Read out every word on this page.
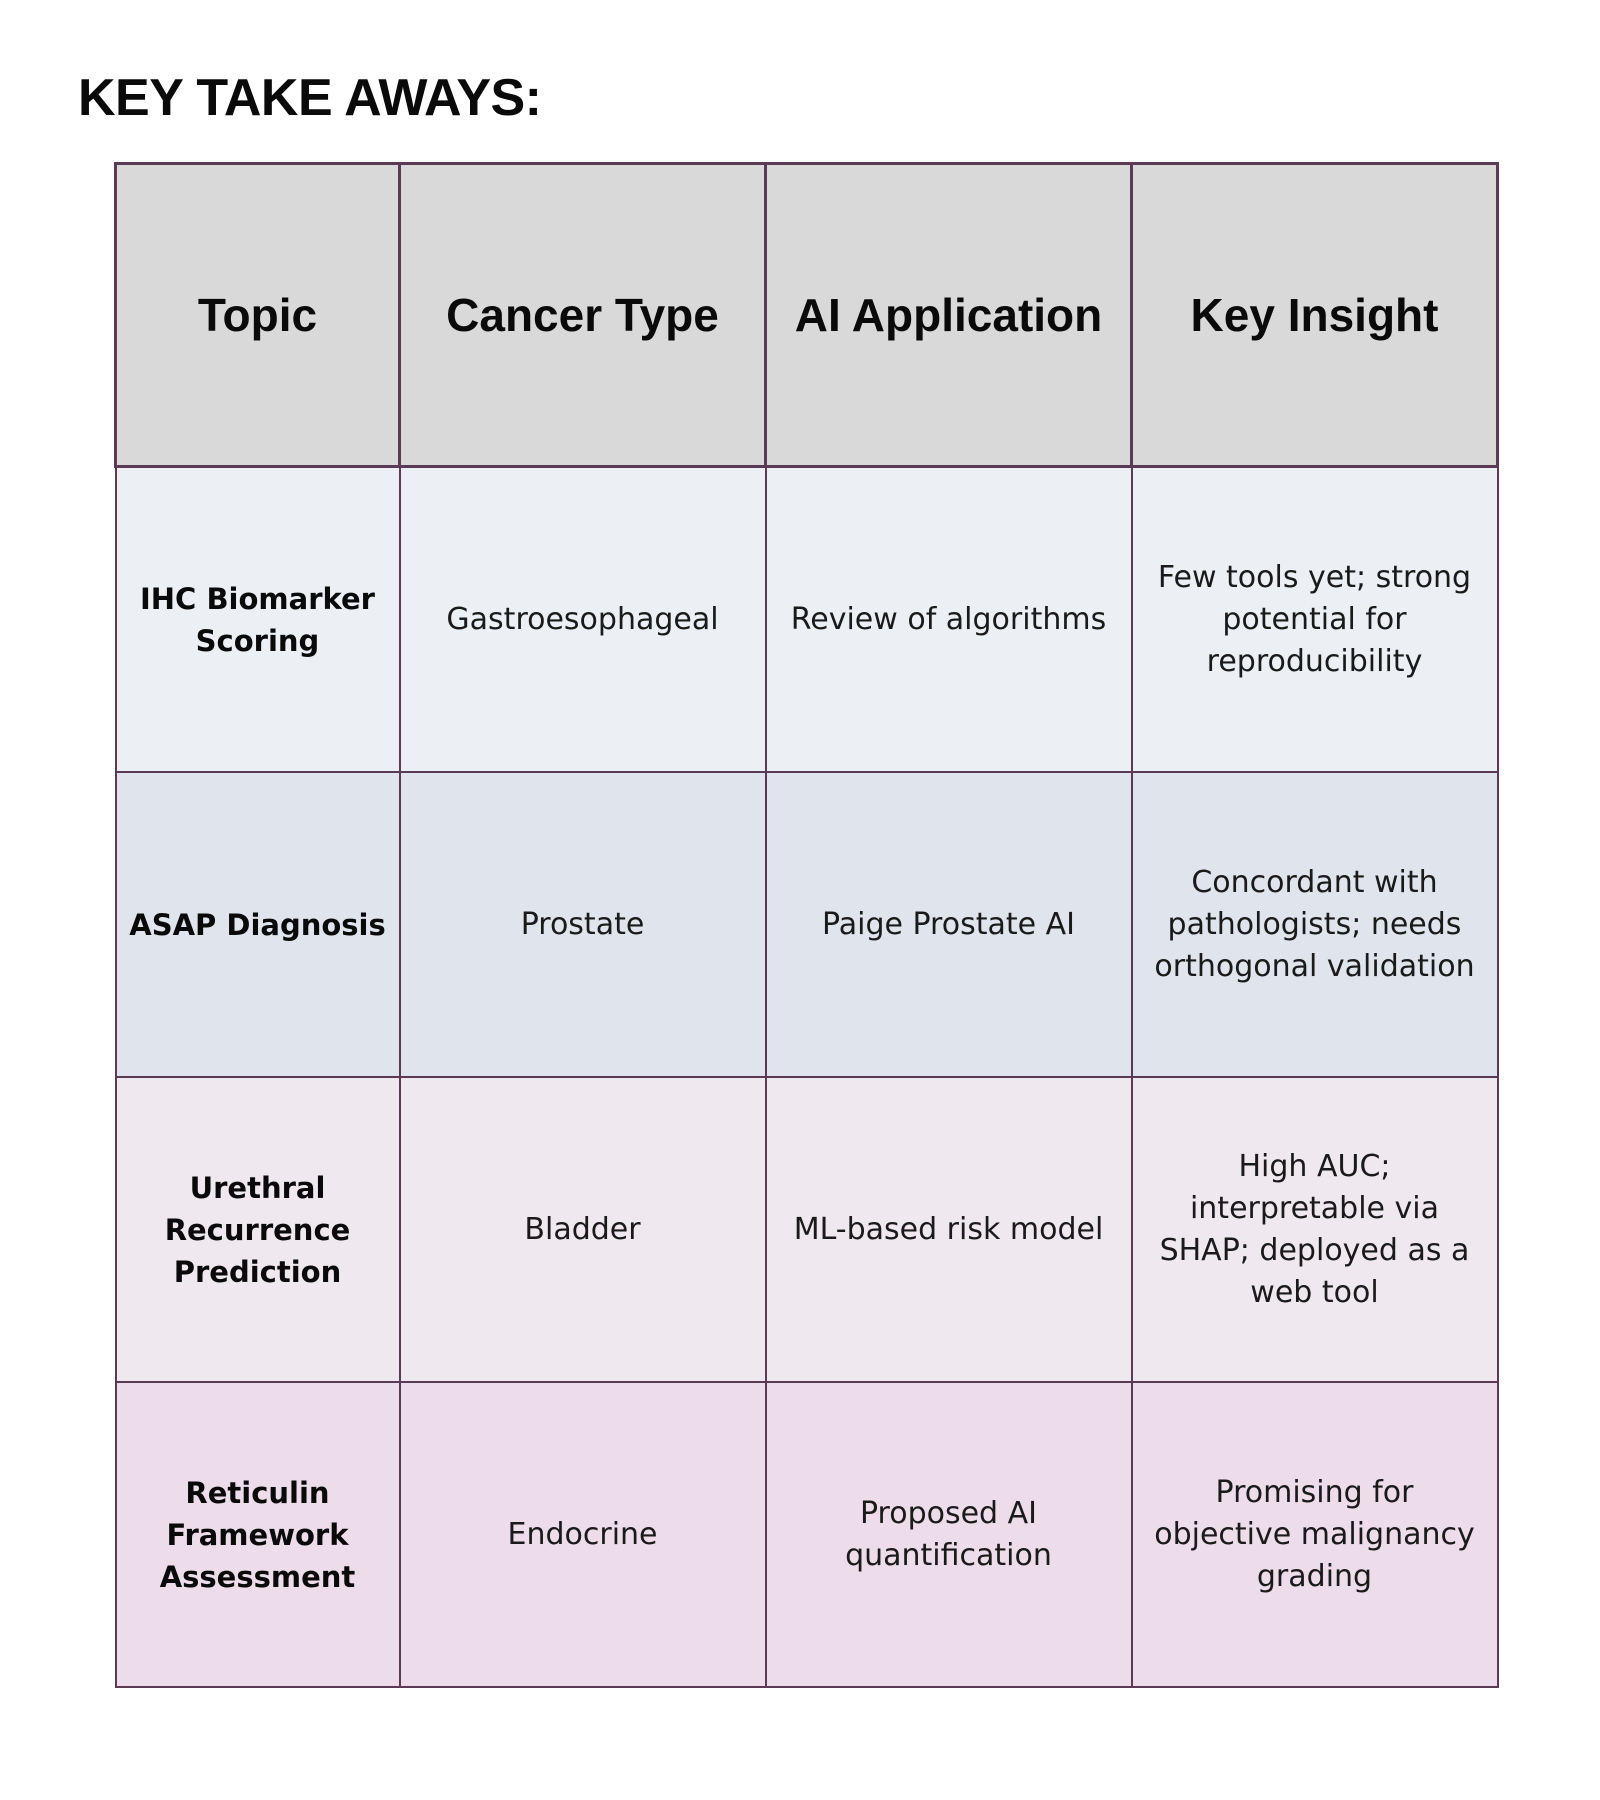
KEY TAKE AWAYS:
Topic	Cancer Type	AI Application	Key Insight
IHC Biomarker Scoring	Gastroesophageal	Review of algorithms	Few tools yet; strong potential for reproducibility
ASAP Diagnosis	Prostate	Paige Prostate AI	Concordant with pathologists; needs orthogonal validation
Urethral Recurrence Prediction	Bladder	ML-based risk model	High AUC; interpretable via SHAP; deployed as a web tool
Reticulin Framework Assessment	Endocrine	Proposed AI quantification	Promising for objective malignancy grading
